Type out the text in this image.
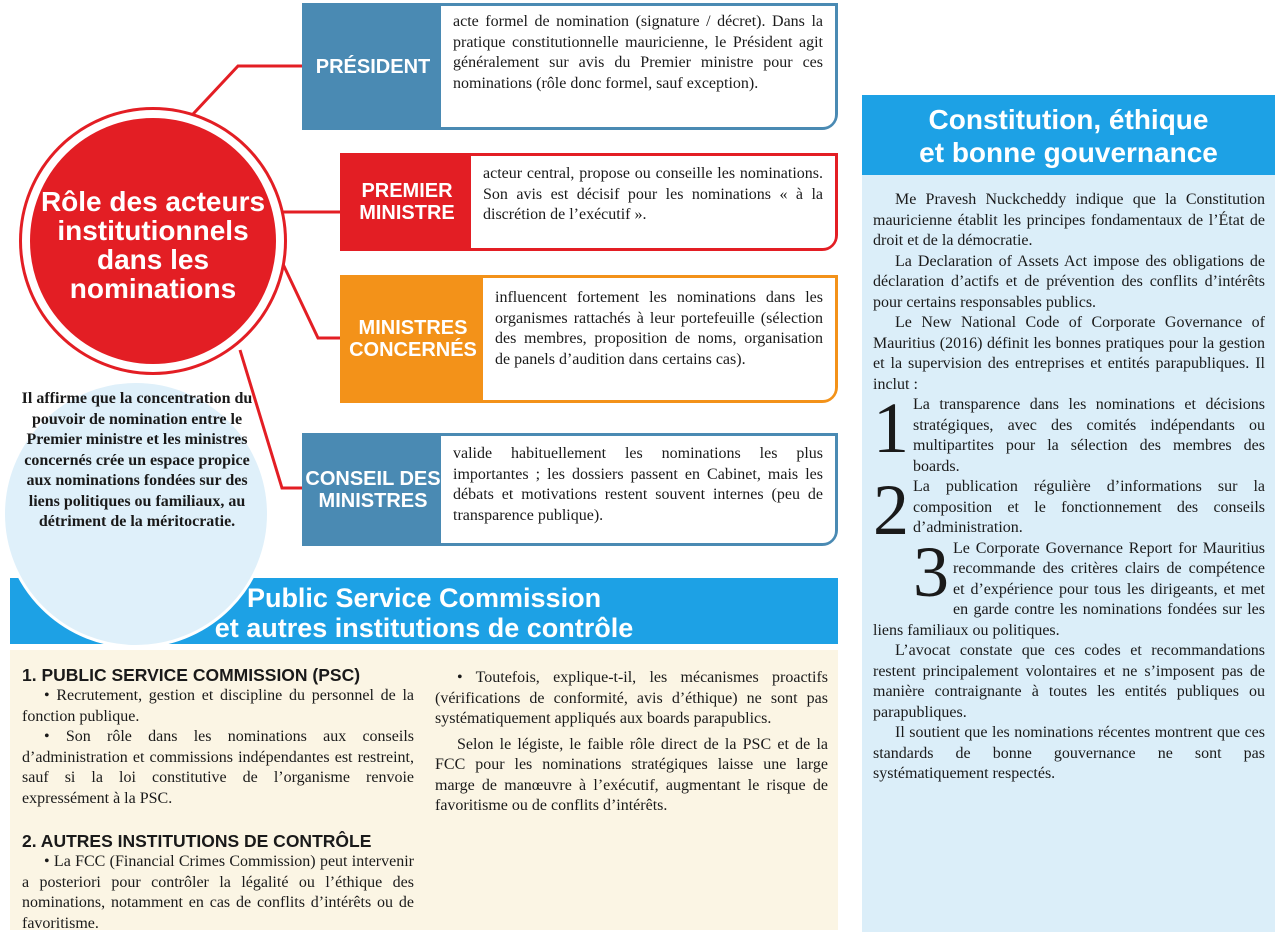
Rôle des acteurs institutionnels dans les nominations
PRÉSIDENT
acte formel de nomination (signature / décret). Dans la pratique constitutionnelle mauricienne, le Président agit généralement sur avis du Premier ministre pour ces nominations (rôle donc formel, sauf exception).
PREMIER MINISTRE
acteur central, propose ou conseille les nominations. Son avis est décisif pour les nominations « à la discrétion de l’exécutif ».
MINISTRES CONCERNÉS
influencent fortement les nominations dans les organismes rattachés à leur portefeuille (sélection des membres, proposition de noms, organisation de panels d’audition dans certains cas).
CONSEIL DES MINISTRES
valide habituellement les nominations les plus importantes ; les dossiers passent en Cabinet, mais les débats et motivations restent souvent internes (peu de transparence publique).
Public Service Commission
et autres institutions de contrôle

1. PUBLIC SERVICE COMMISSION (PSC)

• Recrutement, gestion et discipline du personnel de la fonction publique.

• Son rôle dans les nominations aux conseils d’administration et commissions indépendantes est restreint, sauf si la loi constitutive de l’organisme renvoie expressément à la PSC.

2. AUTRES INSTITUTIONS DE CONTRÔLE

• La FCC (Financial Crimes Commission) peut intervenir a posteriori pour contrôler la légalité ou l’éthique des nominations, notamment en cas de conflits d’intérêts ou de favoritisme.

• Toutefois, explique-t-il, les mécanismes proactifs (vérifications de conformité, avis d’éthique) ne sont pas systématiquement appliqués aux boards parapublics.

Selon le légiste, le faible rôle direct de la PSC et de la FCC pour les nominations stratégiques laisse une large marge de manœuvre à l’exécutif, augmentant le risque de favoritisme ou de conflits d’intérêts.

Il affirme que la concentration du pouvoir de nomination entre le Premier ministre et les ministres concernés crée un espace propice aux nominations fondées sur des liens politiques ou familiaux, au détriment de la méritocratie.
Constitution, éthique
et bonne gouvernance

Me Pravesh Nuckcheddy indique que la Constitution mauricienne établit les principes fondamentaux de l’État de droit et de la démocratie.

La Declaration of Assets Act impose des obligations de déclaration d’actifs et de prévention des conflits d’intérêts pour certains responsables publics.

Le New National Code of Corporate Governance of Mauritius (2016) définit les bonnes pratiques pour la gestion et la supervision des entreprises et entités parapubliques. Il inclut :

1 La transparence dans les nominations et décisions stratégiques, avec des comités indépendants ou multipartites pour la sélection des membres des boards.

2 La publication régulière d’informations sur la composition et le fonctionnement des conseils d’administration.

3 Le Corporate Governance Report for Mauritius recommande des critères clairs de compétence et d’expérience pour tous les dirigeants, et met en garde contre les nominations fondées sur les liens familiaux ou politiques.

L’avocat constate que ces codes et recommandations restent principalement volontaires et ne s’imposent pas de manière contraignante à toutes les entités publiques ou parapubliques.

Il soutient que les nominations récentes montrent que ces standards de bonne gouvernance ne sont pas systématiquement respectés.
